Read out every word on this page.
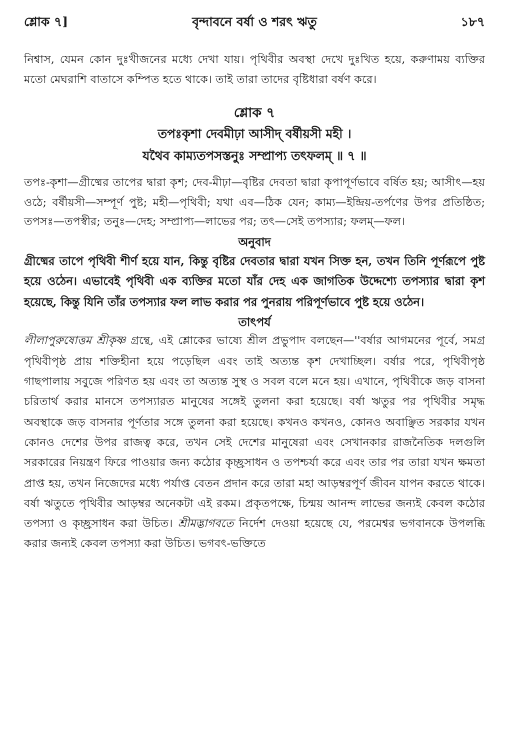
শ্লোক ৭]	বৃন্দাবনে বর্ষা ও শরৎ ঋতু	১৮৭

নিশ্বাস, যেমন কোন দুঃখীজনের মধ্যে দেখা যায়। পৃথিবীর অবস্থা দেখে দুঃখিত হয়ে, করুণাময় ব্যক্তির মতো মেঘরাশি বাতাসে কম্পিত হতে থাকে। তাই তারা তাদের বৃষ্টিধারা বর্ষণ করে।

শ্লোক ৭
তপঃকৃশা দেবমীঢ়া আসীদ্ বর্ষীয়সী মহী ।
যথৈব কাম্যতপসস্তনুঃ সম্প্রাপ্য তৎফলম্ ॥ ৭ ॥

তপঃ-কৃশা—গ্রীষ্মের তাপের দ্বারা কৃশ; দেব-মীঢ়া—বৃষ্টির দেবতা দ্বারা কৃপাপূর্ণভাবে বর্ষিত হয়; আসীৎ—হয় ওঠে; বর্ষীয়সী—সম্পূর্ণ পুষ্ট; মহী—পৃথিবী; যথা এব—ঠিক যেন; কাম্য—ইন্দ্রিয়-তর্পণের উপর প্রতিষ্ঠিত; তপসঃ—তপস্বীর; তনুঃ—দেহ; সম্প্রাপ্য—লাভের পর; তৎ—সেই তপস্যার; ফলম্—ফল।

অনুবাদ

গ্রীষ্মের তাপে পৃথিবী শীর্ণ হয়ে যান, কিন্তু বৃষ্টির দেবতার দ্বারা যখন সিক্ত হন, তখন তিনি পূর্ণরূপে পুষ্ট হয়ে ওঠেন। এভাবেই পৃথিবী এক ব্যক্তির মতো যাঁর দেহ এক জাগতিক উদ্দেশ্যে তপস্যার দ্বারা কৃশ হয়েছে, কিন্তু যিনি তাঁর তপস্যার ফল লাভ করার পর পুনরায় পরিপূর্ণভাবে পুষ্ট হয়ে ওঠেন।

তাৎপর্য

লীলাপুরুষোত্তম শ্রীকৃষ্ণ গ্রন্থে, এই শ্লোকের ভাষ্যে শ্রীল প্রভুপাদ বলছেন—''বর্ষার আগমনের পূর্বে, সমগ্র পৃথিবীপৃষ্ঠ প্রায় শক্তিহীনা হয়ে পড়েছিল এবং তাই অত্যন্ত কৃশ দেখাচ্ছিল। বর্ষার পরে, পৃথিবীপৃষ্ঠ গাছপালায় সবুজে পরিণত হয় এবং তা অত্যন্ত সুস্থ ও সবল বলে মনে হয়। এখানে, পৃথিবীকে জড় বাসনা চরিতার্থ করার মানসে তপস্যারত মানুষের সঙ্গেই তুলনা করা হয়েছে। বর্ষা ঋতুর পর পৃথিবীর সমৃদ্ধ অবস্থাকে জড় বাসনার পূর্ণতার সঙ্গে তুলনা করা হয়েছে। কখনও কখনও, কোনও অবাঞ্ছিত সরকার যখন কোনও দেশের উপর রাজত্ব করে, তখন সেই দেশের মানুষেরা এবং সেখানকার রাজনৈতিক দলগুলি সরকারের নিয়ন্ত্রণ ফিরে পাওয়ার জন্য কঠোর কৃচ্ছ্রসাধন ও তপশ্চর্যা করে এবং তার পর তারা যখন ক্ষমতা প্রাপ্ত হয়, তখন নিজেদের মধ্যে পর্যাপ্ত বেতন প্রদান করে তারা মহা আড়ম্বরপূর্ণ জীবন যাপন করতে থাকে। বর্ষা ঋতুতে পৃথিবীর আড়ম্বর অনেকটা এই রকম। প্রকৃতপক্ষে, চিন্ময় আনন্দ লাভের জন্যই কেবল কঠোর তপস্যা ও কৃচ্ছ্রসাধন করা উচিত। শ্রীমদ্ভাগবতে নির্দেশ দেওয়া হয়েছে যে, পরমেশ্বর ভগবানকে উপলব্ধি করার জন্যই কেবল তপস্যা করা উচিত। ভগবৎ-ভক্তিতে
